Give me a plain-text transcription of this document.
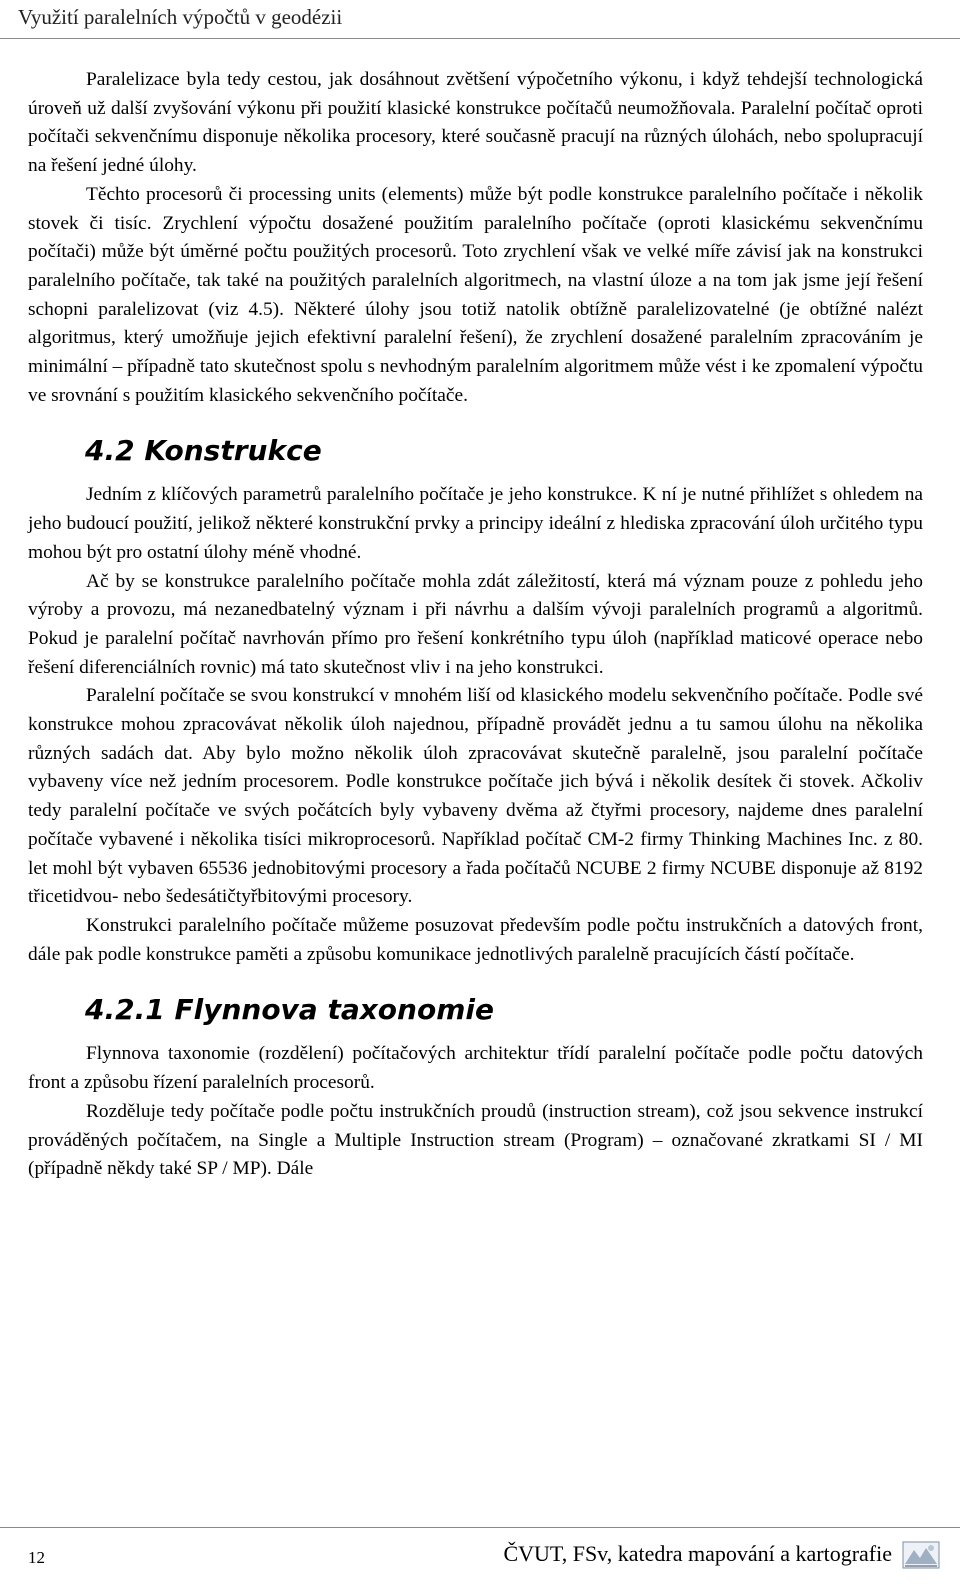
Využití paralelních výpočtů v geodézii

Paralelizace byla tedy cestou, jak dosáhnout zvětšení výpočetního výkonu, i když tehdejší technologická úroveň už další zvyšování výkonu při použití klasické konstrukce počítačů neumožňovala. Paralelní počítač oproti počítači sekvenčnímu disponuje několika procesory, které současně pracují na různých úlohách, nebo spolupracují na řešení jedné úlohy.

Těchto procesorů či processing units (elements) může být podle konstrukce paralelního počítače i několik stovek či tisíc. Zrychlení výpočtu dosažené použitím paralelního počítače (oproti klasickému sekvenčnímu počítači) může být úměrné počtu použitých procesorů. Toto zrychlení však ve velké míře závisí jak na konstrukci paralelního počítače, tak také na použitých paralelních algoritmech, na vlastní úloze a na tom jak jsme její řešení schopni paralelizovat (viz 4.5). Některé úlohy jsou totiž natolik obtížně paralelizovatelné (je obtížné nalézt algoritmus, který umožňuje jejich efektivní paralelní řešení), že zrychlení dosažené paralelním zpracováním je minimální – případně tato skutečnost spolu s nevhodným paralelním algoritmem může vést i ke zpomalení výpočtu ve srovnání s použitím klasického sekvenčního počítače.

4.2 Konstrukce

Jedním z klíčových parametrů paralelního počítače je jeho konstrukce. K ní je nutné přihlížet s ohledem na jeho budoucí použití, jelikož některé konstrukční prvky a principy ideální z hlediska zpracování úloh určitého typu mohou být pro ostatní úlohy méně vhodné.

Ač by se konstrukce paralelního počítače mohla zdát záležitostí, která má význam pouze z pohledu jeho výroby a provozu, má nezanedbatelný význam i při návrhu a dalším vývoji paralelních programů a algoritmů. Pokud je paralelní počítač navrhován přímo pro řešení konkrétního typu úloh (například maticové operace nebo řešení diferenciálních rovnic) má tato skutečnost vliv i na jeho konstrukci.

Paralelní počítače se svou konstrukcí v mnohém liší od klasického modelu sekvenčního počítače. Podle své konstrukce mohou zpracovávat několik úloh najednou, případně provádět jednu a tu samou úlohu na několika různých sadách dat. Aby bylo možno několik úloh zpracovávat skutečně paralelně, jsou paralelní počítače vybaveny více než jedním procesorem. Podle konstrukce počítače jich bývá i několik desítek či stovek. Ačkoliv tedy paralelní počítače ve svých počátcích byly vybaveny dvěma až čtyřmi procesory, najdeme dnes paralelní počítače vybavené i několika tisíci mikroprocesorů. Například počítač CM-2 firmy Thinking Machines Inc. z 80. let mohl být vybaven 65536 jednobitovými procesory a řada počítačů NCUBE 2 firmy NCUBE disponuje až 8192 třicetidvou- nebo šedesátičtyřbitovými procesory.

Konstrukci paralelního počítače můžeme posuzovat především podle počtu instrukčních a datových front, dále pak podle konstrukce paměti a způsobu komunikace jednotlivých paralelně pracujících částí počítače.

4.2.1 Flynnova taxonomie

Flynnova taxonomie (rozdělení) počítačových architektur třídí paralelní počítače podle počtu datových front a způsobu řízení paralelních procesorů.

Rozděluje tedy počítače podle počtu instrukčních proudů (instruction stream), což jsou sekvence instrukcí prováděných počítačem, na Single a Multiple Instruction stream (Program) – označované zkratkami SI / MI (případně někdy také SP / MP). Dále

12	ČVUT, FSv, katedra mapování a kartografie
